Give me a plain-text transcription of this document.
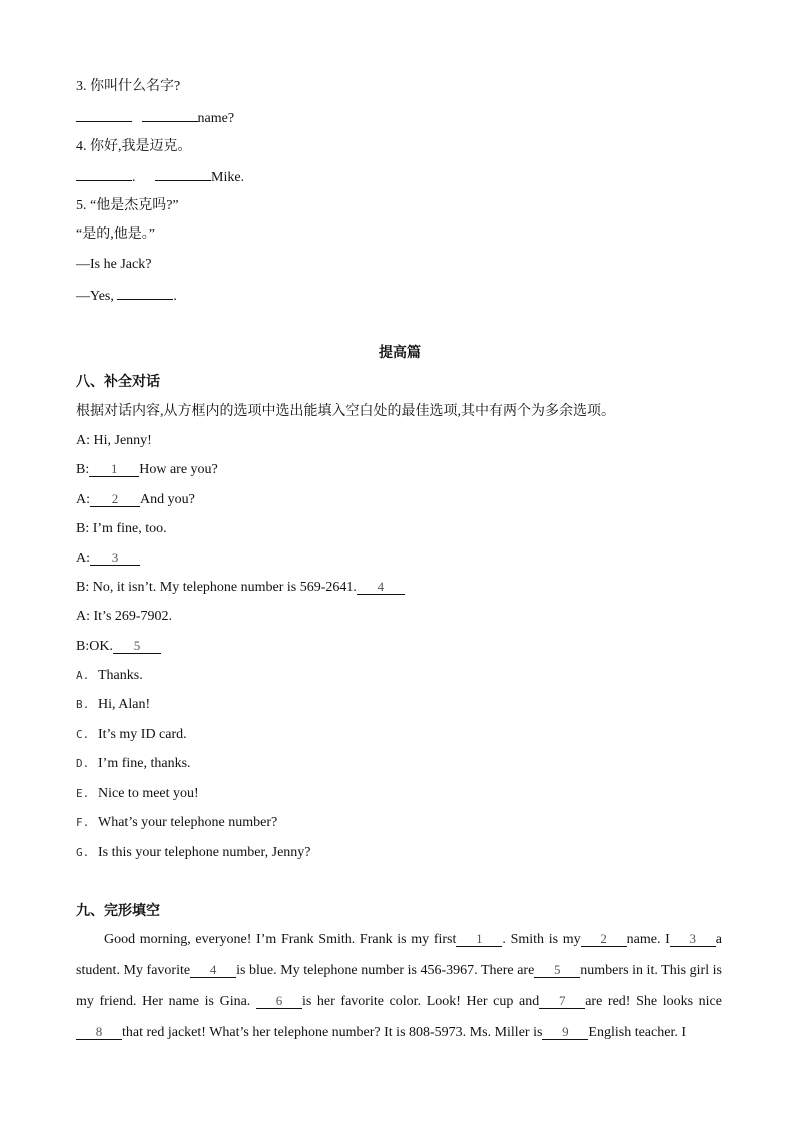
3. 你叫什么名字?
name?
4. 你好,我是迈克。
.	Mike.
5. “他是杰克吗?”
“是的,他是。”
—Is he Jack?
—Yes,	.
提高篇
八、补全对话
根据对话内容,从方框内的选项中选出能填入空白处的最佳选项,其中有两个为多余选项。
A: Hi, Jenny!
B: 1 How are you?
A: 2 And you?
B: I’m fine, too.
A: 3
B: No, it isn’t. My telephone number is 569-2641. 4
A: It’s 269-7902.
B:OK. 5
A. Thanks.
B. Hi, Alan!
C. It’s my ID card.
D. I’m fine, thanks.
E. Nice to meet you!
F. What’s your telephone number?
G. Is this your telephone number, Jenny?
九、完形填空
Good morning, everyone! I’m Frank Smith. Frank is my first 1 . Smith is my 2 name. I 3 a student. My favorite 4 is blue. My telephone number is 456-3967. There are 5 numbers in it. This girl is my friend. Her name is Gina. 6 is her favorite color. Look! Her cup and 7 are red! She looks nice8 that red jacket! What’s her telephone number? It is 808-5973. Ms. Miller is 9 English teacher. I
